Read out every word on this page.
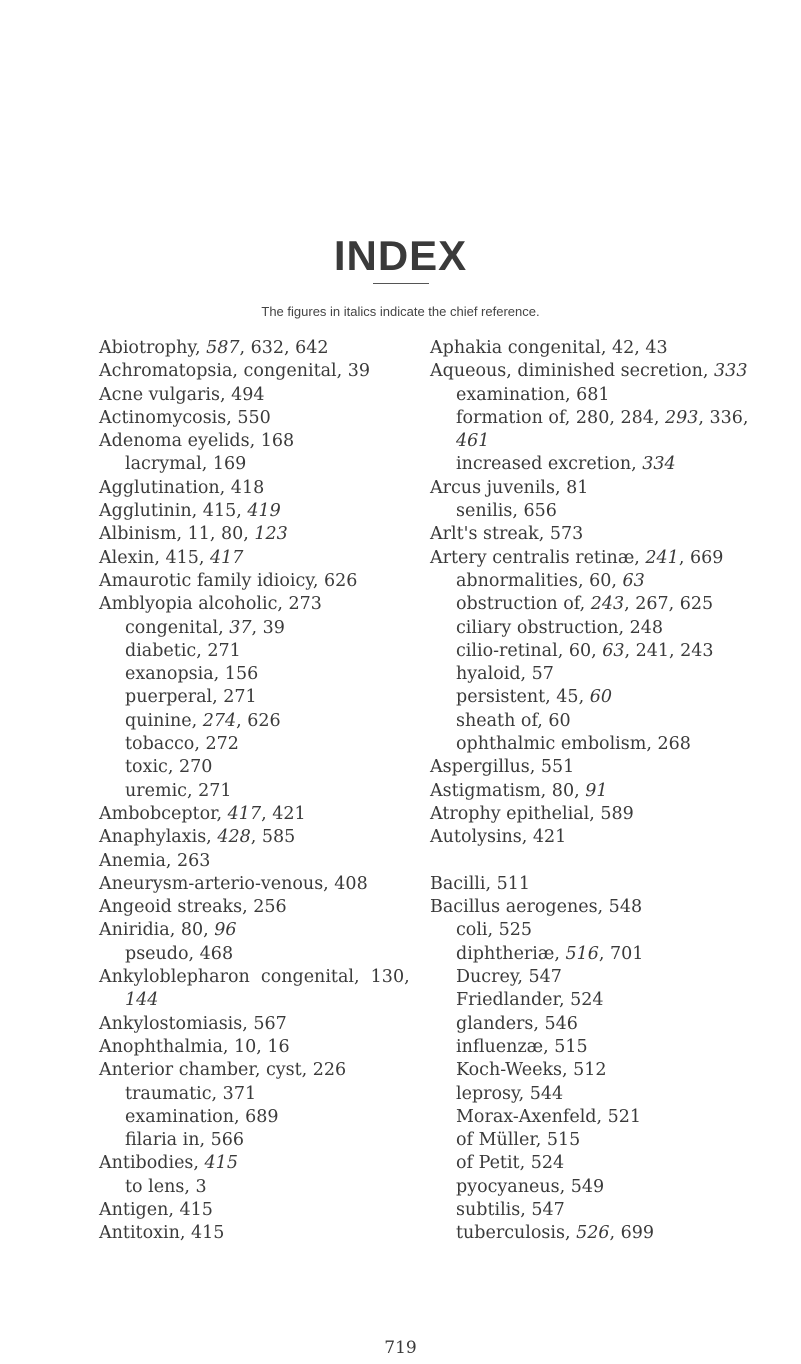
INDEX
The figures in italics indicate the chief reference.
Abiotrophy, 587, 632, 642
Achromatopsia, congenital, 39
Acne vulgaris, 494
Actinomycosis, 550
Adenoma eyelids, 168
lacrymal, 169
Agglutination, 418
Agglutinin, 415, 419
Albinism, 11, 80, 123
Alexin, 415, 417
Amaurotic family idioicy, 626
Amblyopia alcoholic, 273
congenital, 37, 39
diabetic, 271
exanopsia, 156
puerperal, 271
quinine, 274, 626
tobacco, 272
toxic, 270
uremic, 271
Ambobceptor, 417, 421
Anaphylaxis, 428, 585
Anemia, 263
Aneurysm-arterio-venous, 408
Angeoid streaks, 256
Aniridia, 80, 96
pseudo, 468
Ankyloblepharon  congenital,  130,
144
Ankylostomiasis, 567
Anophthalmia, 10, 16
Anterior chamber, cyst, 226
traumatic, 371
examination, 689
filaria in, 566
Antibodies, 415
to lens, 3
Antigen, 415
Antitoxin, 415
Aphakia congenital, 42, 43
Aqueous, diminished secretion, 333
examination, 681
formation of, 280, 284, 293, 336,
461
increased excretion, 334
Arcus juvenils, 81
senilis, 656
Arlt's streak, 573
Artery centralis retinæ, 241, 669
abnormalities, 60, 63
obstruction of, 243, 267, 625
ciliary obstruction, 248
cilio-retinal, 60, 63, 241, 243
hyaloid, 57
persistent, 45, 60
sheath of, 60
ophthalmic embolism, 268
Aspergillus, 551
Astigmatism, 80, 91
Atrophy epithelial, 589
Autolysins, 421
Bacilli, 511
Bacillus aerogenes, 548
coli, 525
diphtheriæ, 516, 701
Ducrey, 547
Friedlander, 524
glanders, 546
influenzæ, 515
Koch-Weeks, 512
leprosy, 544
Morax-Axenfeld, 521
of Müller, 515
of Petit, 524
pyocyaneus, 549
subtilis, 547
tuberculosis, 526, 699
719
